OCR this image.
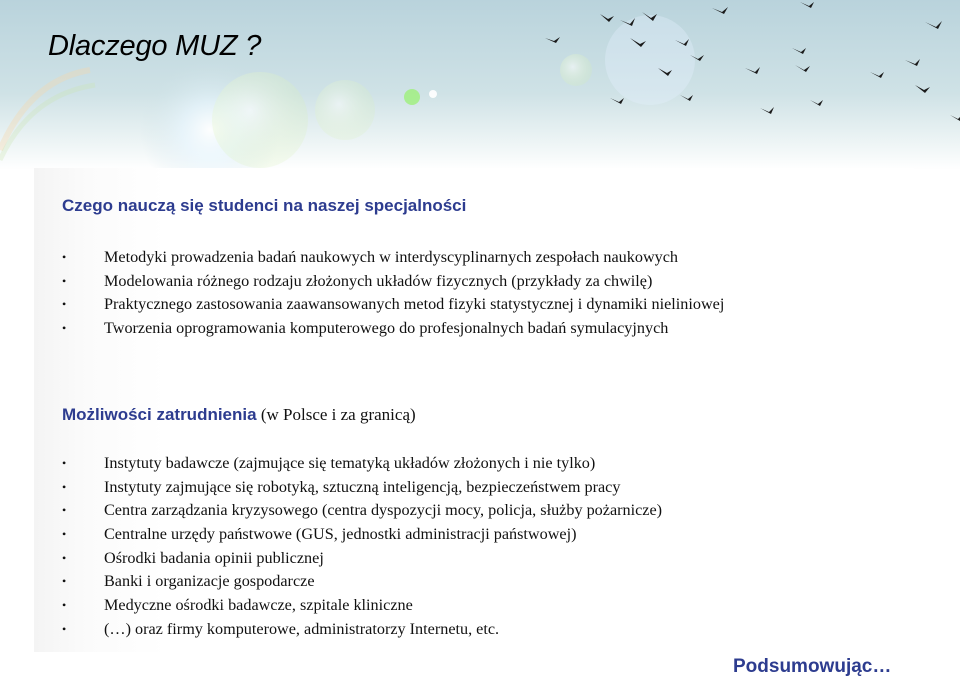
Dlaczego MUZ ?
Czego nauczą się studenci na naszej specjalności
• Metodyki prowadzenia badań naukowych w interdyscyplinarnych zespołach naukowych
• Modelowania różnego rodzaju złożonych układów fizycznych (przykłady za chwilę)
• Praktycznego zastosowania zaawansowanych metod fizyki statystycznej i dynamiki nieliniowej
• Tworzenia oprogramowania komputerowego do profesjonalnych badań symulacyjnych
Możliwości zatrudnienia (w Polsce i za granicą)
• Instytuty badawcze (zajmujące się tematyką układów złożonych i nie tylko)
• Instytuty zajmujące się robotyką, sztuczną inteligencją, bezpieczeństwem pracy
• Centra zarządzania kryzysowego (centra dyspozycji mocy, policja, służby pożarnicze)
• Centralne urzędy państwowe (GUS, jednostki administracji państwowej)
• Ośrodki badania opinii publicznej
• Banki i organizacje gospodarcze
• Medyczne ośrodki badawcze, szpitale kliniczne
• (…) oraz firmy komputerowe, administratorzy Internetu, etc.
Podsumowując…
